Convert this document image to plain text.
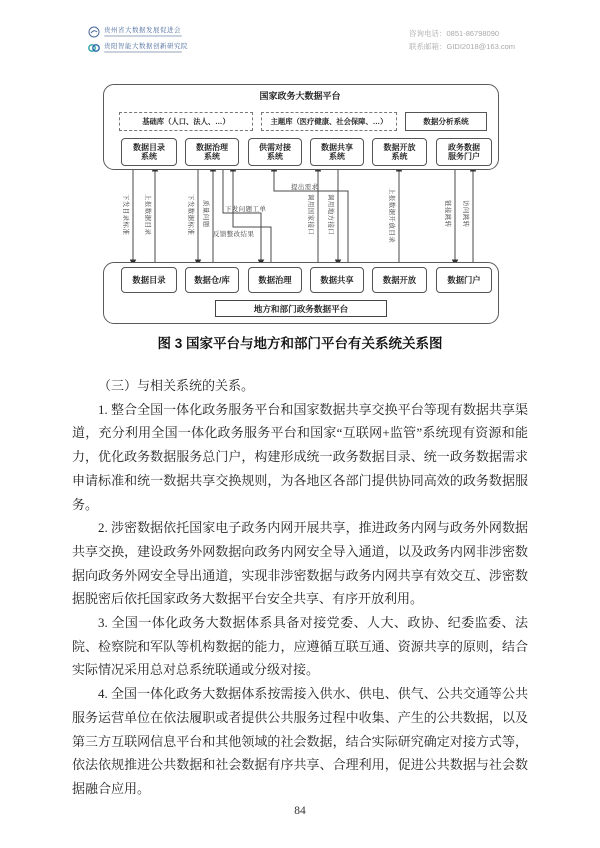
贵州省大数据发展促进会
贵阳智能大数据创新研究院
咨询电话：0851-86798090
联系邮箱：GIDI2018@163.com
国家政务大数据平台
基础库（人口、法人、…）	主题库（医疗健康、社会保障、…）	数据分析系统
数据目录系统
数据治理系统
供需对接系统
数据共享系统
数据开放系统
政务数据服务门户
下发目录标准	上报数据目录	下发数据标准	质量问题	下发问题工单
反馈整改结果
提出需求
调用国家接口	调用地方接口	上报数据开放目录	链接跳转	访问跳转
数据目录	数据仓/库	数据治理	数据共享	数据开放	数据门户
地方和部门政务数据平台
图 3 国家平台与地方和部门平台有关系统关系图

（三）与相关系统的关系。

1. 整合全国一体化政务服务平台和国家数据共享交换平台等现有数据共享渠道，充分利用全国一体化政务服务平台和国家“互联网+监管”系统现有资源和能力，优化政务数据服务总门户，构建形成统一政务数据目录、统一政务数据需求申请标准和统一数据共享交换规则，为各地区各部门提供协同高效的政务数据服务。

2. 涉密数据依托国家电子政务内网开展共享，推进政务内网与政务外网数据共享交换，建设政务外网数据向政务内网安全导入通道，以及政务内网非涉密数据向政务外网安全导出通道，实现非涉密数据与政务内网共享有效交互、涉密数据脱密后依托国家政务大数据平台安全共享、有序开放利用。

3. 全国一体化政务大数据体系具备对接党委、人大、政协、纪委监委、法院、检察院和军队等机构数据的能力，应遵循互联互通、资源共享的原则，结合实际情况采用总对总系统联通或分级对接。

4. 全国一体化政务大数据体系按需接入供水、供电、供气、公共交通等公共服务运营单位在依法履职或者提供公共服务过程中收集、产生的公共数据，以及第三方互联网信息平台和其他领域的社会数据，结合实际研究确定对接方式等，依法依规推进公共数据和社会数据有序共享、合理利用，促进公共数据与社会数据融合应用。

84
